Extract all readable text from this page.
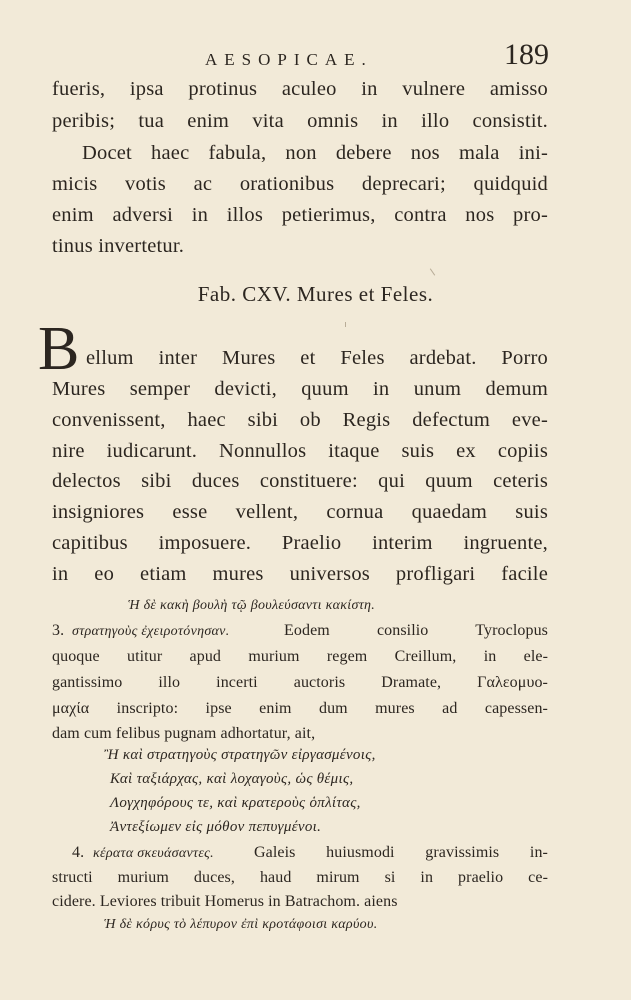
AESOPICAE.	189
fueris, ipsa protinus aculeo in vulnere amisso
peribis; tua enim vita omnis in illo consistit.
Docet haec fabula, non debere nos mala ini-
micis votis ac orationibus deprecari; quidquid
enim adversi in illos petierimus, contra nos pro-
tinus invertetur.
Fab. CXV. Mures et Feles.
B ellum inter Mures et Feles ardebat. Porro
Mures semper devicti, quum in unum demum
convenissent, haec sibi ob Regis defectum eve-
nire iudicarunt. Nonnullos itaque suis ex copiis
delectos sibi duces constituere: qui quum ceteris
insigniores esse vellent, cornua quaedam suis
capitibus imposuere. Praelio interim ingruente,
in eo etiam mures universos profligari facile
Ἡ δὲ κακὴ βουλὴ τῷ βουλεύσαντι κακίστη.
3. στρατηγοὺς ἐχειροτόνησαν.	Eodem consilio Tyroclopus
quoque utitur apud murium regem Creillum, in ele-
gantissimo illo incerti auctoris Dramate, Γαλεομυο-
μαχία inscripto: ipse enim dum mures ad capessen-
dam cum felibus pugnam adhortatur, ait,
Ἢ καὶ στρατηγοὺς στρατηγῶν εἰργασμένοις,
Καὶ ταξιάρχας, καὶ λοχαγοὺς, ὡς θέμις,
Λογχηφόρους τε, καὶ κρατεροὺς ὁπλίτας,
Ἀντεξίωμεν εἰς μόθον πεπυγμένοι.
4. κέρατα σκευάσαντες.	Galeis huiusmodi gravissimis in-
structi murium duces, haud mirum si in praelio ce-
cidere. Leviores tribuit Homerus in Batrachom. aiens
Ἡ δὲ κόρυς τὸ λέπυρον ἐπὶ κροτάφοισι καρύου.
